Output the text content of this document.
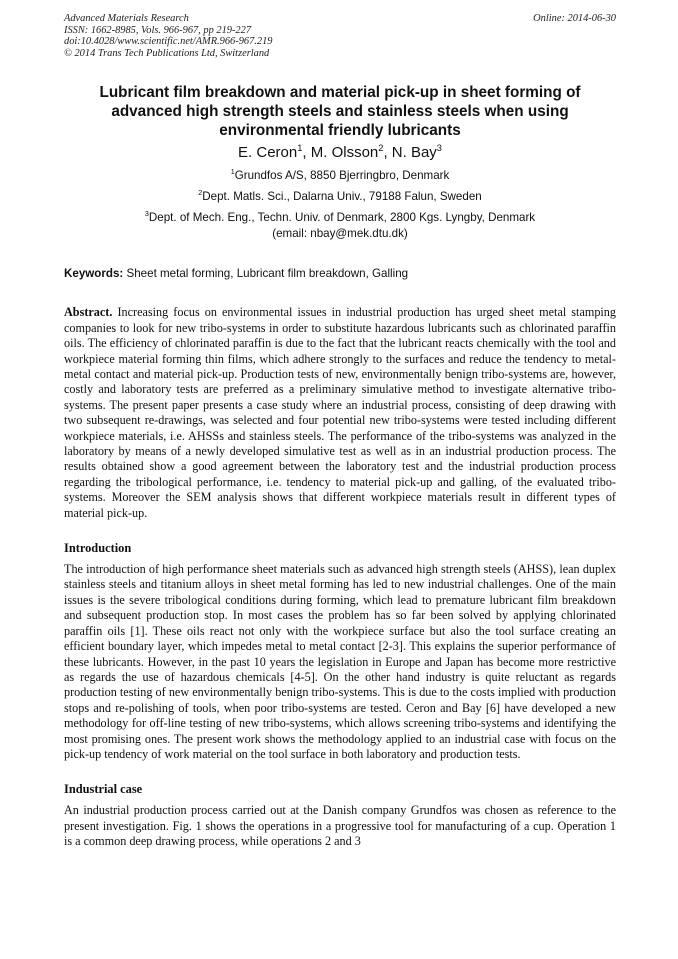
Advanced Materials Research	Online: 2014-06-30
ISSN: 1662-8985, Vols. 966-967, pp 219-227
doi:10.4028/www.scientific.net/AMR.966-967.219
© 2014 Trans Tech Publications Ltd, Switzerland
Lubricant film breakdown and material pick-up in sheet forming of advanced high strength steels and stainless steels when using environmental friendly lubricants
E. Ceron$^1$, M. Olsson$^2$, N. Bay$^3$
$^1$Grundfos A/S, 8850 Bjerringbro, Denmark
$^2$Dept. Matls. Sci., Dalarna Univ., 79188 Falun, Sweden
$^3$Dept. of Mech. Eng., Techn. Univ. of Denmark, 2800 Kgs. Lyngby, Denmark
(email: nbay@mek.dtu.dk)
Keywords: Sheet metal forming, Lubricant film breakdown, Galling

Abstract. Increasing focus on environmental issues in industrial production has urged sheet metal stamping companies to look for new tribo-systems in order to substitute hazardous lubricants such as chlorinated paraffin oils. The efficiency of chlorinated paraffin is due to the fact that the lubricant reacts chemically with the tool and workpiece material forming thin films, which adhere strongly to the surfaces and reduce the tendency to metal-metal contact and material pick-up. Production tests of new, environmentally benign tribo-systems are, however, costly and laboratory tests are preferred as a preliminary simulative method to investigate alternative tribo-systems. The present paper presents a case study where an industrial process, consisting of deep drawing with two subsequent re-drawings, was selected and four potential new tribo-systems were tested including different workpiece materials, i.e. AHSSs and stainless steels. The performance of the tribo-systems was analyzed in the laboratory by means of a newly developed simulative test as well as in an industrial production process. The results obtained show a good agreement between the laboratory test and the industrial production process regarding the tribological performance, i.e. tendency to material pick-up and galling, of the evaluated tribo-systems. Moreover the SEM analysis shows that different workpiece materials result in different types of material pick-up.

Introduction

The introduction of high performance sheet materials such as advanced high strength steels (AHSS), lean duplex stainless steels and titanium alloys in sheet metal forming has led to new industrial challenges. One of the main issues is the severe tribological conditions during forming, which lead to premature lubricant film breakdown and subsequent production stop. In most cases the problem has so far been solved by applying chlorinated paraffin oils [1]. These oils react not only with the workpiece surface but also the tool surface creating an efficient boundary layer, which impedes metal to metal contact [2-3]. This explains the superior performance of these lubricants. However, in the past 10 years the legislation in Europe and Japan has become more restrictive as regards the use of hazardous chemicals [4-5]. On the other hand industry is quite reluctant as regards production testing of new environmentally benign tribo-systems. This is due to the costs implied with production stops and re-polishing of tools, when poor tribo-systems are tested. Ceron and Bay [6] have developed a new methodology for off-line testing of new tribo-systems, which allows screening tribo-systems and identifying the most promising ones. The present work shows the methodology applied to an industrial case with focus on the pick-up tendency of work material on the tool surface in both laboratory and production tests.

Industrial case

An industrial production process carried out at the Danish company Grundfos was chosen as reference to the present investigation. Fig. 1 shows the operations in a progressive tool for manufacturing of a cup. Operation 1 is a common deep drawing process, while operations 2 and 3
